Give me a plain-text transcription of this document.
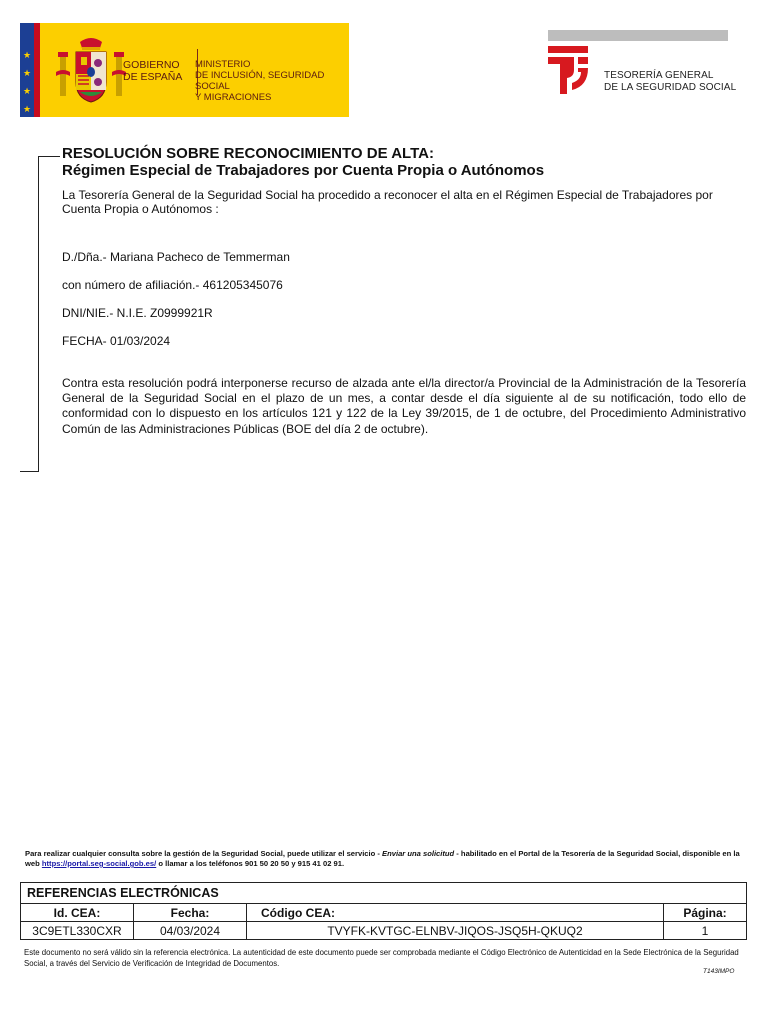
★
★
★
★
GOBIERNO
DE ESPAÑA
MINISTERIO
DE INCLUSIÓN, SEGURIDAD SOCIAL
Y MIGRACIONES
TESORERÍA GENERAL
DE LA SEGURIDAD SOCIAL
RESOLUCIÓN SOBRE RECONOCIMIENTO DE ALTA:
Régimen Especial de Trabajadores por Cuenta Propia o Autónomos
La Tesorería General de la Seguridad Social ha procedido a reconocer el alta en el Régimen Especial de Trabajadores por Cuenta Propia o Autónomos :
D./Dña.- Mariana Pacheco de Temmerman
con número de afiliación.- 461205345076
DNI/NIE.- N.I.E. Z0999921R
FECHA- 01/03/2024
Contra esta resolución podrá interponerse recurso de alzada ante el/la director/a Provincial de la Administración de la Tesorería General de la Seguridad Social en el plazo de un mes, a contar desde el día siguiente al de su notificación, todo ello de conformidad con lo dispuesto en los artículos 121 y 122 de la Ley 39/2015, de 1 de octubre, del Procedimiento Administrativo Común de las Administraciones Públicas (BOE del día 2 de octubre).
Para realizar cualquier consulta sobre la gestión de la Seguridad Social, puede utilizar el servicio - Enviar una solicitud - habilitado en el Portal de la Tesorería de la Seguridad Social, disponible en la web https://portal.seg-social.gob.es/ o llamar a los teléfonos 901 50 20 50 y 915 41 02 91.
REFERENCIAS ELECTRÓNICAS			
Id. CEA:	Fecha:	Código CEA:	Página:
3C9ETL330CXR	04/03/2024	TVYFK-KVTGC-ELNBV-JIQOS-JSQ5H-QKUQ2	1
Este documento no será válido sin la referencia electrónica. La autenticidad de este documento puede ser comprobada mediante el Código Electrónico de Autenticidad en la Sede Electrónica de la Seguridad Social, a través del Servicio de Verificación de Integridad de Documentos.
T143IMPO
